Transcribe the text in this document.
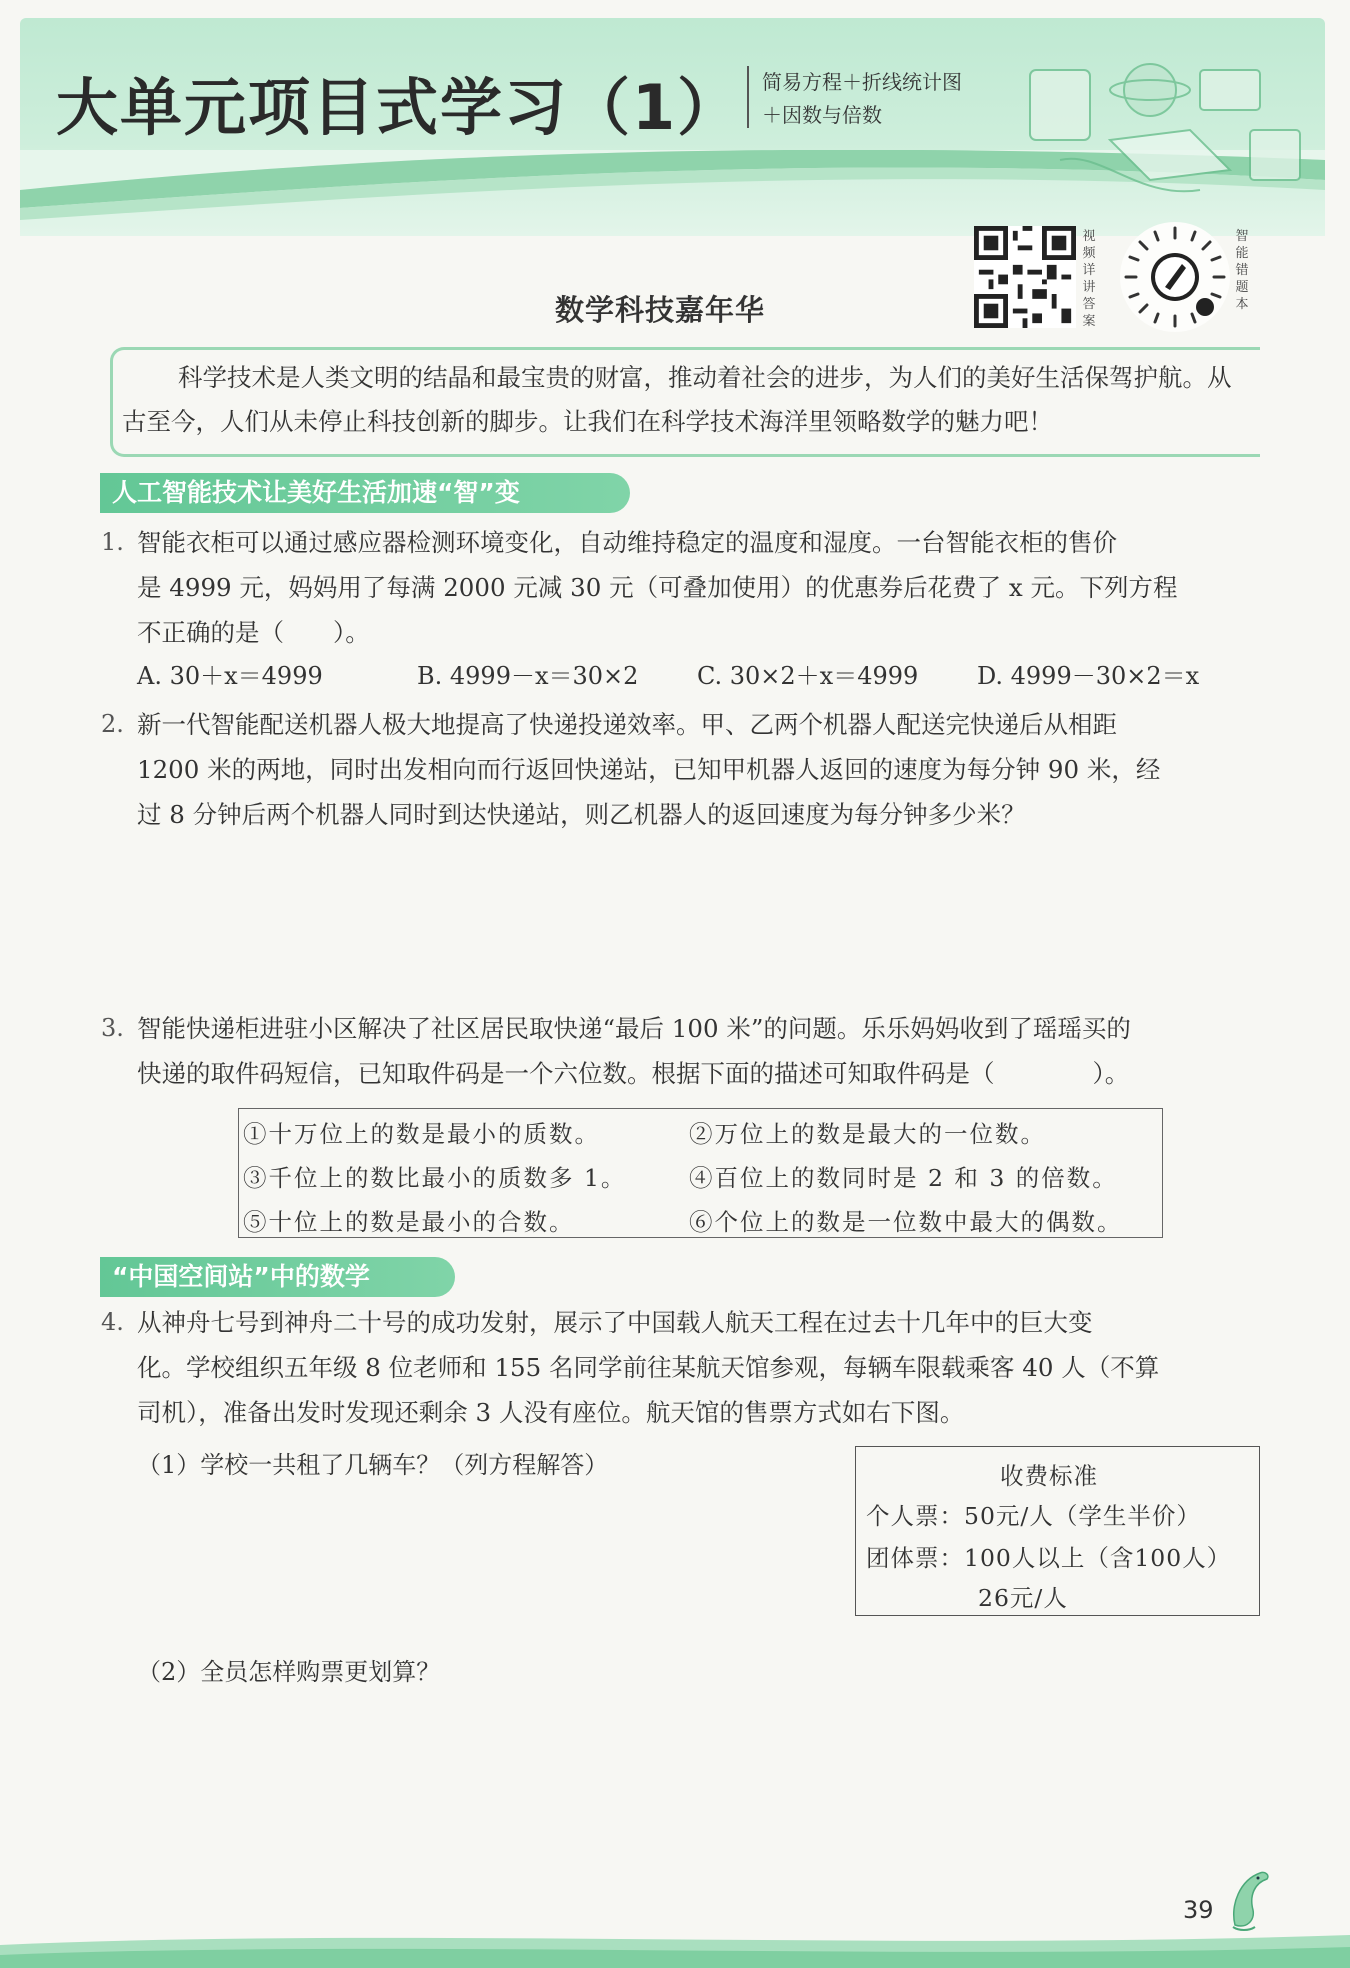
大单元项目式学习（1） 简易方程＋折线统计图
＋因数与倍数
视
频
详
讲
答
案
智
能
错
题
本
数学科技嘉年华
科学技术是人类文明的结晶和最宝贵的财富，推动着社会的进步，为人们的美好生活保驾护航。从古至今，人们从未停止科技创新的脚步。让我们在科学技术海洋里领略数学的魅力吧！
人工智能技术让美好生活加速“智”变
1. 智能衣柜可以通过感应器检测环境变化，自动维持稳定的温度和湿度。一台智能衣柜的售价
是 4999 元，妈妈用了每满 2000 元减 30 元（可叠加使用）的优惠券后花费了 x 元。下列方程
不正确的是（　　）。
A. 30＋x＝4999	B. 4999－x＝30×2 C. 30×2＋x＝4999 D. 4999－30×2＝x
2. 新一代智能配送机器人极大地提高了快递投递效率。甲、乙两个机器人配送完快递后从相距
1200 米的两地，同时出发相向而行返回快递站，已知甲机器人返回的速度为每分钟 90 米，经
过 8 分钟后两个机器人同时到达快递站，则乙机器人的返回速度为每分钟多少米？
3. 智能快递柜进驻小区解决了社区居民取快递“最后 100 米”的问题。乐乐妈妈收到了瑶瑶买的
快递的取件码短信，已知取件码是一个六位数。根据下面的描述可知取件码是（　　　　）。
①十万位上的数是最小的质数。	②万位上的数是最大的一位数。
③千位上的数比最小的质数多 1。	④百位上的数同时是 2 和 3 的倍数。
⑤十位上的数是最小的合数。	⑥个位上的数是一位数中最大的偶数。
“中国空间站”中的数学
4. 从神舟七号到神舟二十号的成功发射，展示了中国载人航天工程在过去十几年中的巨大变
化。学校组织五年级 8 位老师和 155 名同学前往某航天馆参观，每辆车限载乘客 40 人（不算
司机），准备出发时发现还剩余 3 人没有座位。航天馆的售票方式如右下图。
（1）学校一共租了几辆车？（列方程解答）	收费标准
个人票：50元/人（学生半价）
团体票：100人以上（含100人）
26元/人
（2）全员怎样购票更划算？
39
